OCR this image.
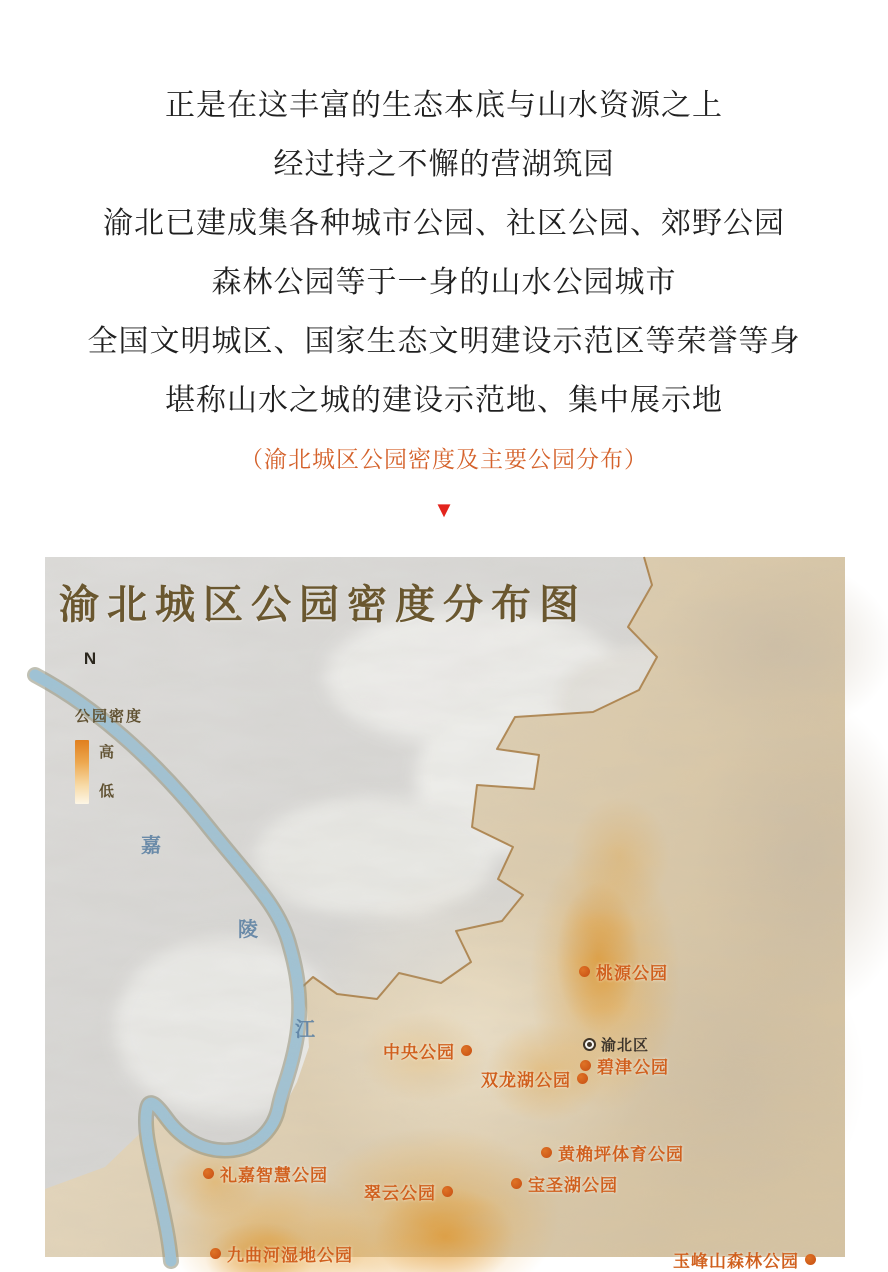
正是在这丰富的生态本底与山水资源之上
经过持之不懈的营湖筑园
渝北已建成集各种城市公园、社区公园、郊野公园
森林公园等于一身的山水公园城市
全国文明城区、国家生态文明建设示范区等荣誉等身
堪称山水之城的建设示范地、集中展示地
（渝北城区公园密度及主要公园分布）
▼
渝北城区公园密度分布图
N
公园密度
高
低
嘉
陵
江
渝北区
桃源公园
碧津公园
黄桷坪体育公园
宝圣湖公园
礼嘉智慧公园
九曲河湿地公园
中央公园
双龙湖公园
翠云公园
玉峰山森林公园
